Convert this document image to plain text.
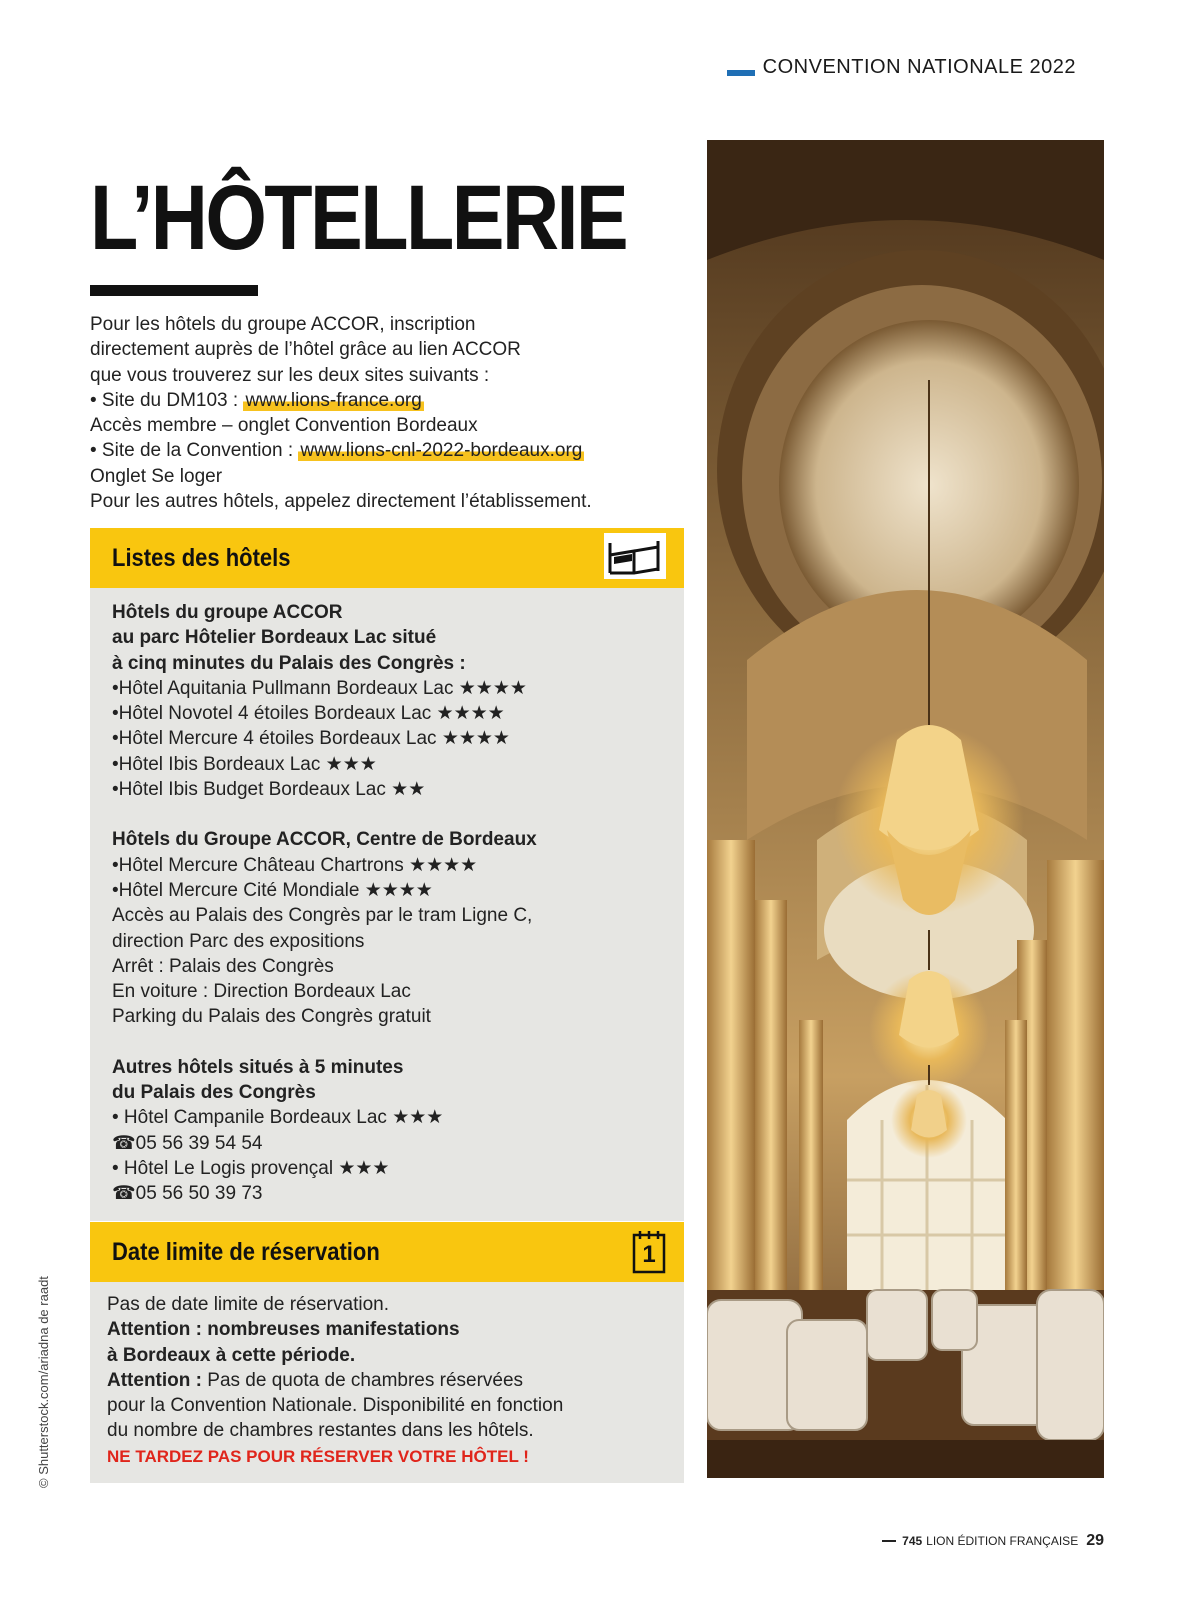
CONVENTION NATIONALE 2022
L’HÔTELLERIE

Pour les hôtels du groupe ACCOR, inscription

directement auprès de l’hôtel grâce au lien ACCOR

que vous trouverez sur les deux sites suivants :

• Site du DM103 : www.lions-france.org

Accès membre – onglet Convention Bordeaux

• Site de la Convention : www.lions-cnl-2022-bordeaux.org

Onglet Se loger

Pour les autres hôtels, appelez directement l’établissement.

Listes des hôtels

Hôtels du groupe ACCOR

au parc Hôtelier Bordeaux Lac situé

à cinq minutes du Palais des Congrès :

•Hôtel Aquitania Pullmann Bordeaux Lac ★★★★

•Hôtel Novotel 4 étoiles Bordeaux Lac ★★★★

•Hôtel Mercure 4 étoiles Bordeaux Lac ★★★★

•Hôtel Ibis Bordeaux Lac ★★★

•Hôtel Ibis Budget Bordeaux Lac ★★

Hôtels du Groupe ACCOR, Centre de Bordeaux

•Hôtel Mercure Château Chartrons ★★★★

•Hôtel Mercure Cité Mondiale ★★★★

Accès au Palais des Congrès par le tram Ligne C,

direction Parc des expositions

Arrêt : Palais des Congrès

En voiture : Direction Bordeaux Lac

Parking du Palais des Congrès gratuit

Autres hôtels situés à 5 minutes

du Palais des Congrès

• Hôtel Campanile Bordeaux Lac ★★★

☎05 56 39 54 54

• Hôtel Le Logis provençal ★★★

☎05 56 50 39 73

Date limite de réservation	1

Pas de date limite de réservation.

Attention : nombreuses manifestations

à Bordeaux à cette période.

Attention : Pas de quota de chambres réservées

pour la Convention Nationale. Disponibilité en fonction

du nombre de chambres restantes dans les hôtels.

NE TARDEZ PAS POUR RÉSERVER VOTRE HÔTEL !

© Shutterstock.com/ariadna de raadt
745 LION ÉDITION FRANÇAISE 29
